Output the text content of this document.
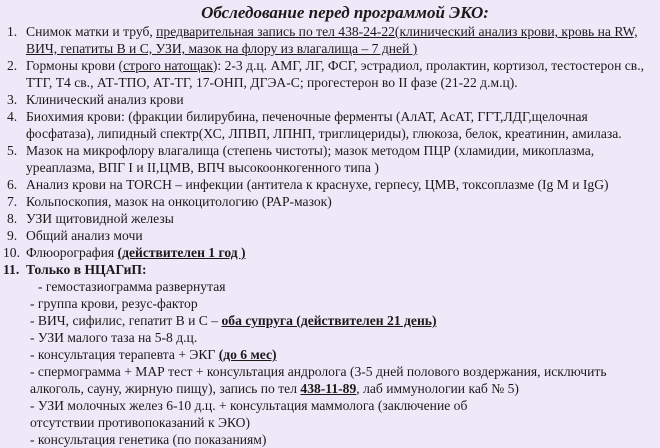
Обследование перед программой ЭКО:
1. Снимок матки и труб, предварительная запись по тел 438-24-22(клинический анализ крови, кровь на RW, ВИЧ, гепатиты В и С, УЗИ, мазок на флору из влагалища – 7 дней )
2. Гормоны крови (строго натощак): 2-3 д.ц. АМГ, ЛГ, ФСГ, эстрадиол, пролактин, кортизол, тестостерон св., ТТГ, Т4 св., АТ-ТПО, АТ-ТГ, 17-ОНП, ДГЭА-С; прогестерон во II фазе (21-22 д.м.ц).
3. Клинический анализ крови
4. Биохимия крови: (фракции билирубина, печеночные ферменты (АлАТ, АсАТ, ГГТ,ЛДГ,щелочная фосфатаза), липидный спектр(ХС, ЛПВП, ЛПНП, триглицериды), глюкоза, белок, креатинин, амилаза.
5. Мазок на микрофлору влагалища (степень чистоты); мазок методом ПЦР (хламидии, микоплазма, уреаплазма, ВПГ I и II,ЦМВ, ВПЧ высокоонкогенного типа )
6. Анализ крови на TORCH – инфекции (антитела к краснухе, герпесу, ЦМВ, токсоплазме (Ig M и IgG)
7. Кольпоскопия, мазок на онкоцитологию (РАР-мазок)
8. УЗИ щитовидной железы
9. Общий анализ мочи
10. Флюорография (действителен 1 год )
11. Только в НЦАГиП:
- гемостазиограмма развернутая
- группа крови, резус-фактор
- ВИЧ, сифилис, гепатит В и С – оба супруга (действителен 21 день)
- УЗИ малого таза на 5-8 д.ц.
- консультация терапевта + ЭКГ (до 6 мес)
- спермограмма + МАР тест + консультация андролога (3-5 дней полового воздержания, исключить алкоголь, сауну, жирную пищу), запись по тел 438-11-89, лаб иммунологии каб № 5)
- УЗИ молочных желез 6-10 д.ц. + консультация маммолога (заключение об отсутствии противопоказаний к ЭКО)
- консультация генетика (по показаниям)
